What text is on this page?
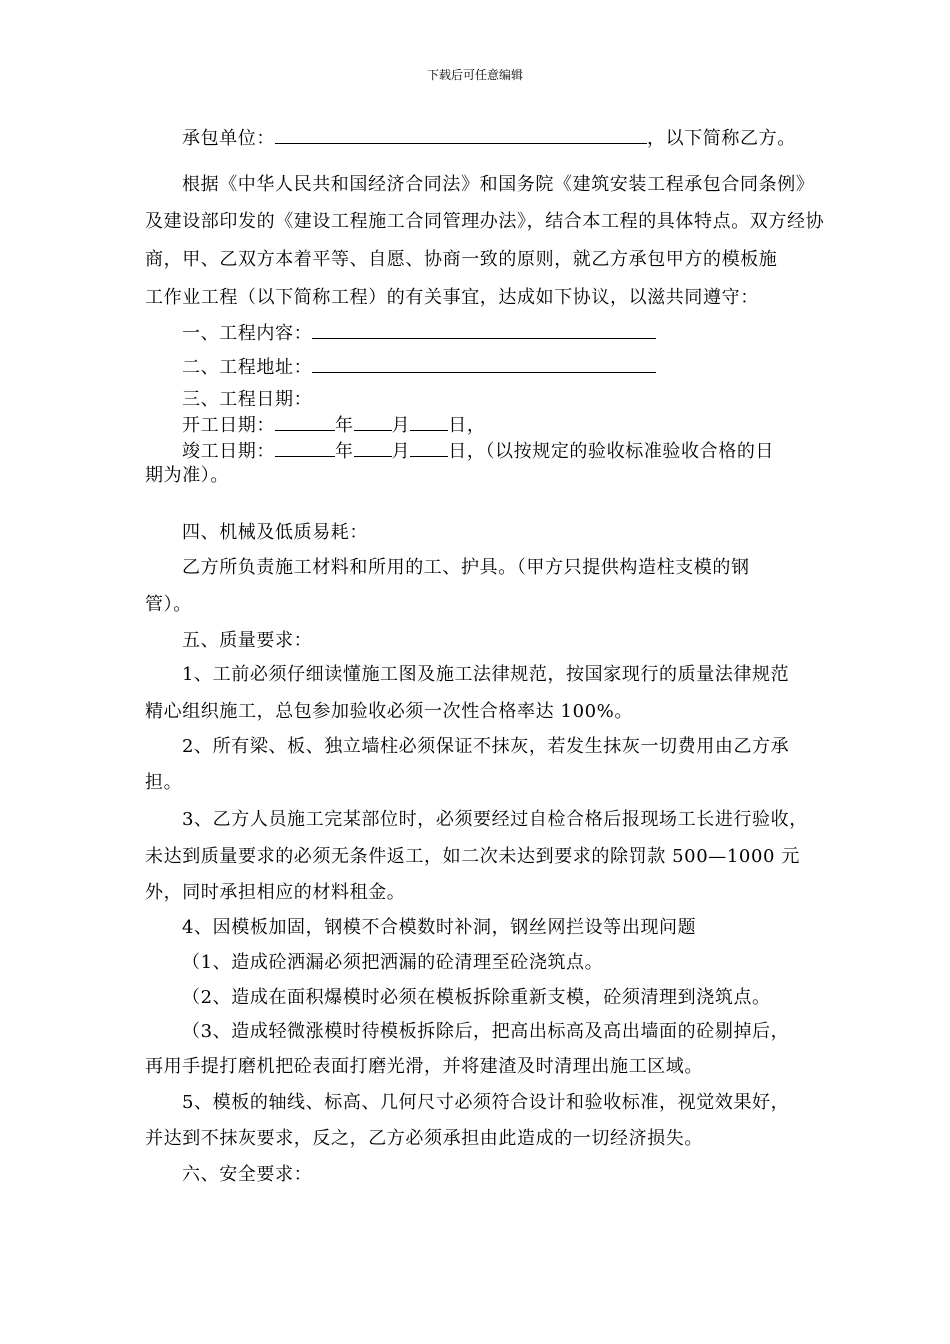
下载后可任意编辑
承包单位：	，以下简称乙方。
根据《中华人民共和国经济合同法》和国务院《建筑安装工程承包合同条例》
及建设部印发的《建设工程施工合同管理办法》，结合本工程的具体特点。双方经协
商，甲、乙双方本着平等、自愿、协商一致的原则，就乙方承包甲方的模板施
工作业工程（以下简称工程）的有关事宜，达成如下协议，以滋共同遵守：
一、工程内容：
二、工程地址：
三、工程日期：
开工日期：	年 月 日，
竣工日期：	年 月 日，（以按规定的验收标准验收合格的日
期为准）。
四、机械及低质易耗：
乙方所负责施工材料和所用的工、护具。（甲方只提供构造柱支模的钢
管）。
五、质量要求：
1、工前必须仔细读懂施工图及施工法律规范，按国家现行的质量法律规范
精心组织施工，总包参加验收必须一次性合格率达 100%。
2、所有梁、板、独立墙柱必须保证不抹灰，若发生抹灰一切费用由乙方承
担。
3、乙方人员施工完某部位时，必须要经过自检合格后报现场工长进行验收，
未达到质量要求的必须无条件返工，如二次未达到要求的除罚款 500—1000 元
外，同时承担相应的材料租金。
4、因模板加固，钢模不合模数时补洞，钢丝网拦设等出现问题
（1、造成砼洒漏必须把洒漏的砼清理至砼浇筑点。
（2、造成在面积爆模时必须在模板拆除重新支模，砼须清理到浇筑点。
（3、造成轻微涨模时待模板拆除后，把高出标高及高出墙面的砼剔掉后，
再用手提打磨机把砼表面打磨光滑，并将建渣及时清理出施工区域。
5、模板的轴线、标高、几何尺寸必须符合设计和验收标准，视觉效果好，
并达到不抹灰要求，反之，乙方必须承担由此造成的一切经济损失。
六、安全要求：
